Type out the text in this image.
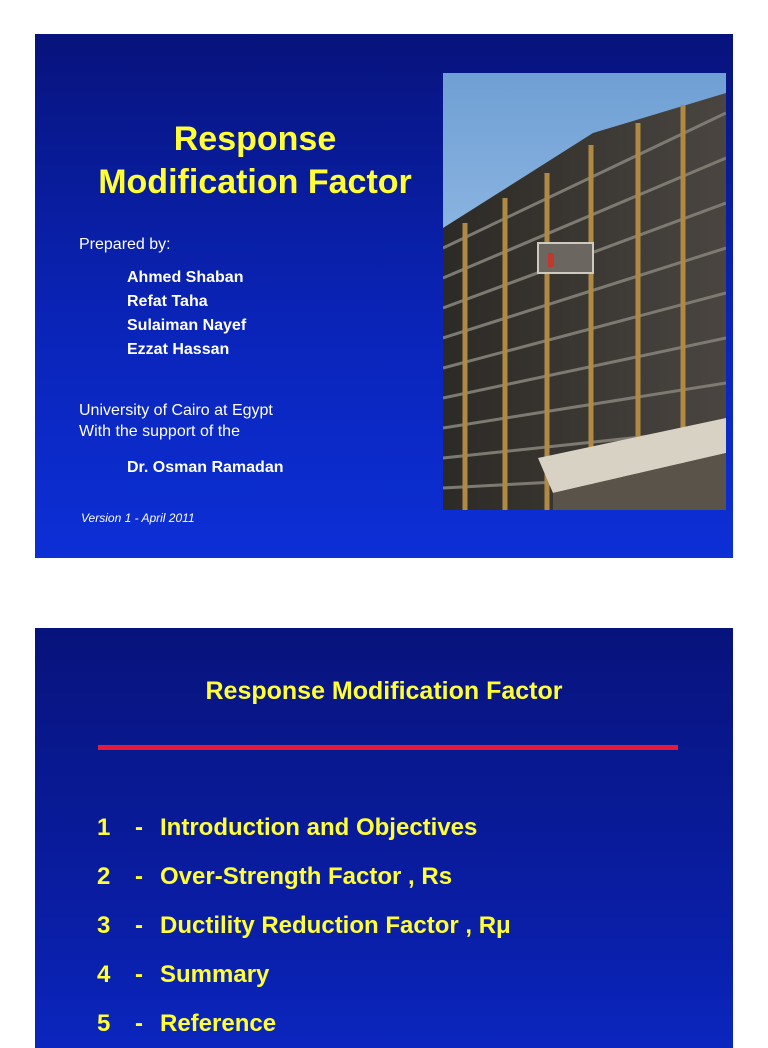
Response
Modification Factor
Prepared by:
Ahmed Shaban
Refat Taha
Sulaiman Nayef
Ezzat Hassan
University of Cairo at Egypt
With the support of the
Dr. Osman Ramadan
Version 1 - April 2011
Response Modification Factor
1	- Introduction and Objectives
2	- Over-Strength Factor , Rs
3	- Ductility Reduction Factor , Rμ
4	- Summary
5	- Reference
